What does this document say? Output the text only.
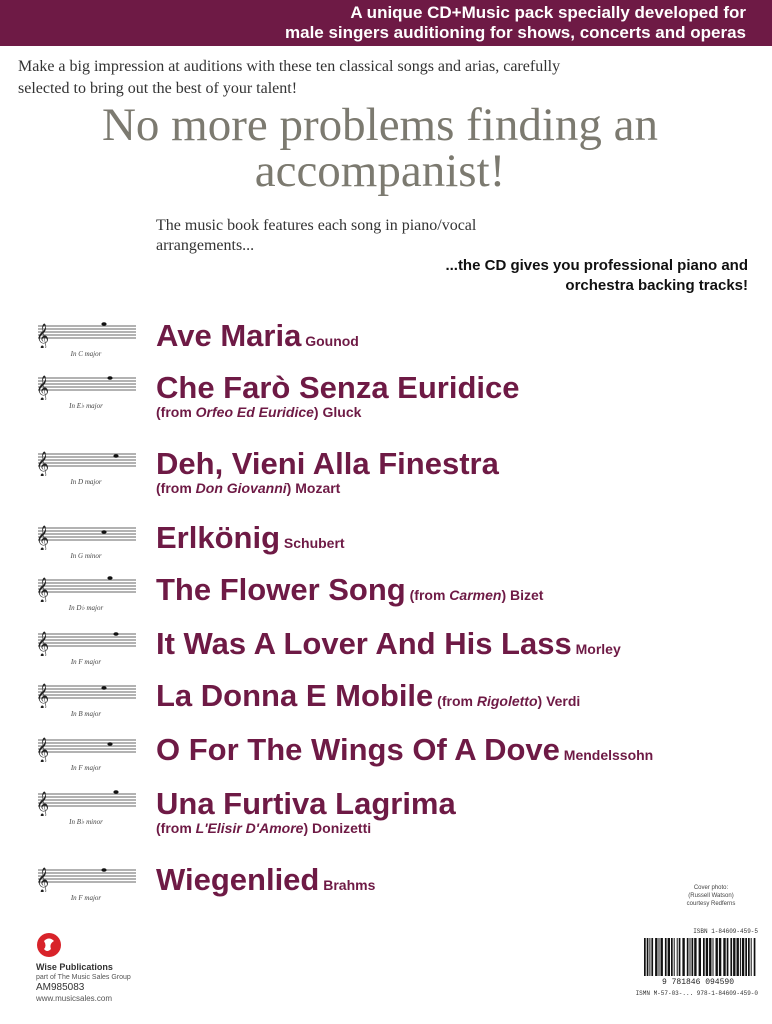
A unique CD+Music pack specially developed for
male singers auditioning for shows, concerts and operas
Make a big impression at auditions with these ten classical songs and arias, carefully selected to bring out the best of your talent!
No more problems finding an accompanist!
The music book features each song in piano/vocal arrangements...
...the CD gives you professional piano and orchestra backing tracks!
𝄞
In C major
Ave Maria Gounod
𝄞
In E♭ major
Che Farò Senza Euridice
(from Orfeo Ed Euridice) Gluck
𝄞
In D major
Deh, Vieni Alla Finestra
(from Don Giovanni) Mozart
𝄞
In G minor
Erlkönig Schubert
𝄞
In D♭ major
The Flower Song (from Carmen) Bizet
𝄞
In F major
It Was A Lover And His Lass Morley
𝄞
In B major
La Donna E Mobile (from Rigoletto) Verdi
𝄞
In F major
O For The Wings Of A Dove Mendelssohn
𝄞
In B♭ minor
Una Furtiva Lagrima
(from L'Elisir D'Amore) Donizetti
𝄞
In F major
Wiegenlied Brahms	Cover photo:
(Russell Watson)
courtesy Redferns
ISBN 1-84609-459-5
9 781846 094590
ISMN M-57-03-... 978-1-84609-459-0
Wise Publications
part of The Music Sales Group
AM985083
www.musicsales.com
